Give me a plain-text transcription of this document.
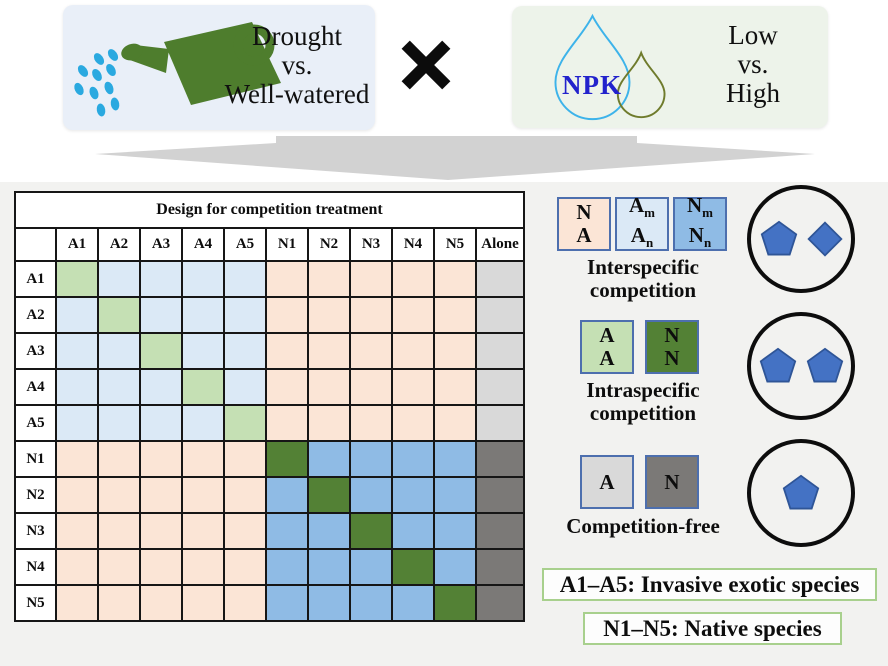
Drought
vs.
Well-watered	NPK
Low
vs.
High
Design for competition treatment											
	A1	A2	A3	A4	A5	N1	N2	N3	N4	N5	Alone
A1											
A2											
A3											
A4											
A5											
N1											
N2											
N3											
N4											
N5											
N
A
$A_m$
$A_n$
$N_m$
$N_n$
Interspecific
competition
A
A
N
N
Intraspecific
competition
A N
Competition-free
A1–A5: Invasive exotic species
N1–N5: Native species
